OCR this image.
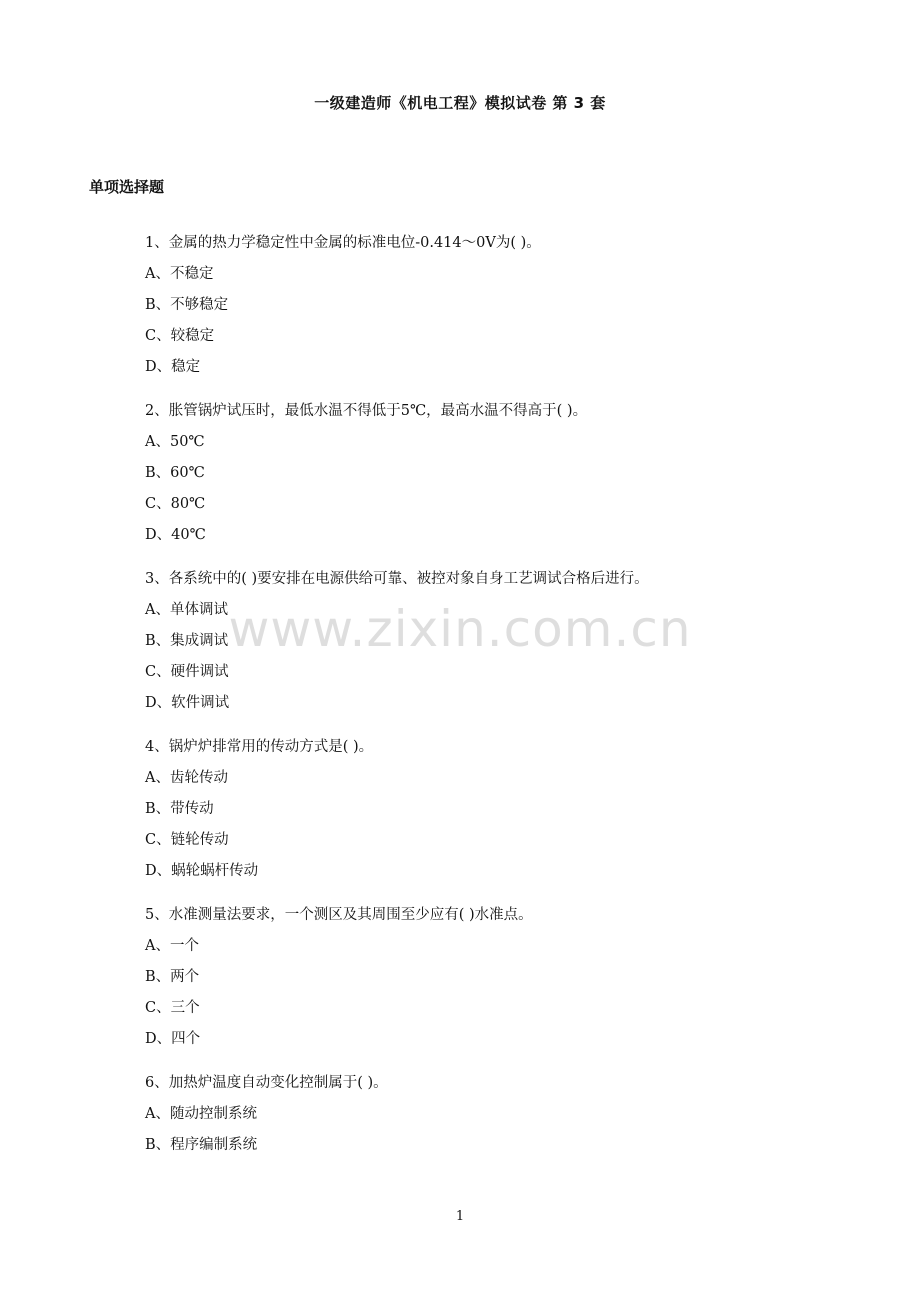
一级建造师《机电工程》模拟试卷 第 3 套
单项选择题
1、金属的热力学稳定性中金属的标准电位-0.414～0V为( )。
A、不稳定
B、不够稳定
C、较稳定
D、稳定
2、胀管锅炉试压时，最低水温不得低于5℃，最高水温不得高于( )。
A、50℃
B、60℃
C、80℃
D、40℃
3、各系统中的( )要安排在电源供给可靠、被控对象自身工艺调试合格后进行。
A、单体调试
B、集成调试
C、硬件调试
D、软件调试
4、锅炉炉排常用的传动方式是( )。
A、齿轮传动
B、带传动
C、链轮传动
D、蜗轮蜗杆传动
5、水准测量法要求，一个测区及其周围至少应有( )水准点。
A、一个
B、两个
C、三个
D、四个
6、加热炉温度自动变化控制属于( )。
A、随动控制系统
B、程序编制系统
www.zixin.com.cn
1
